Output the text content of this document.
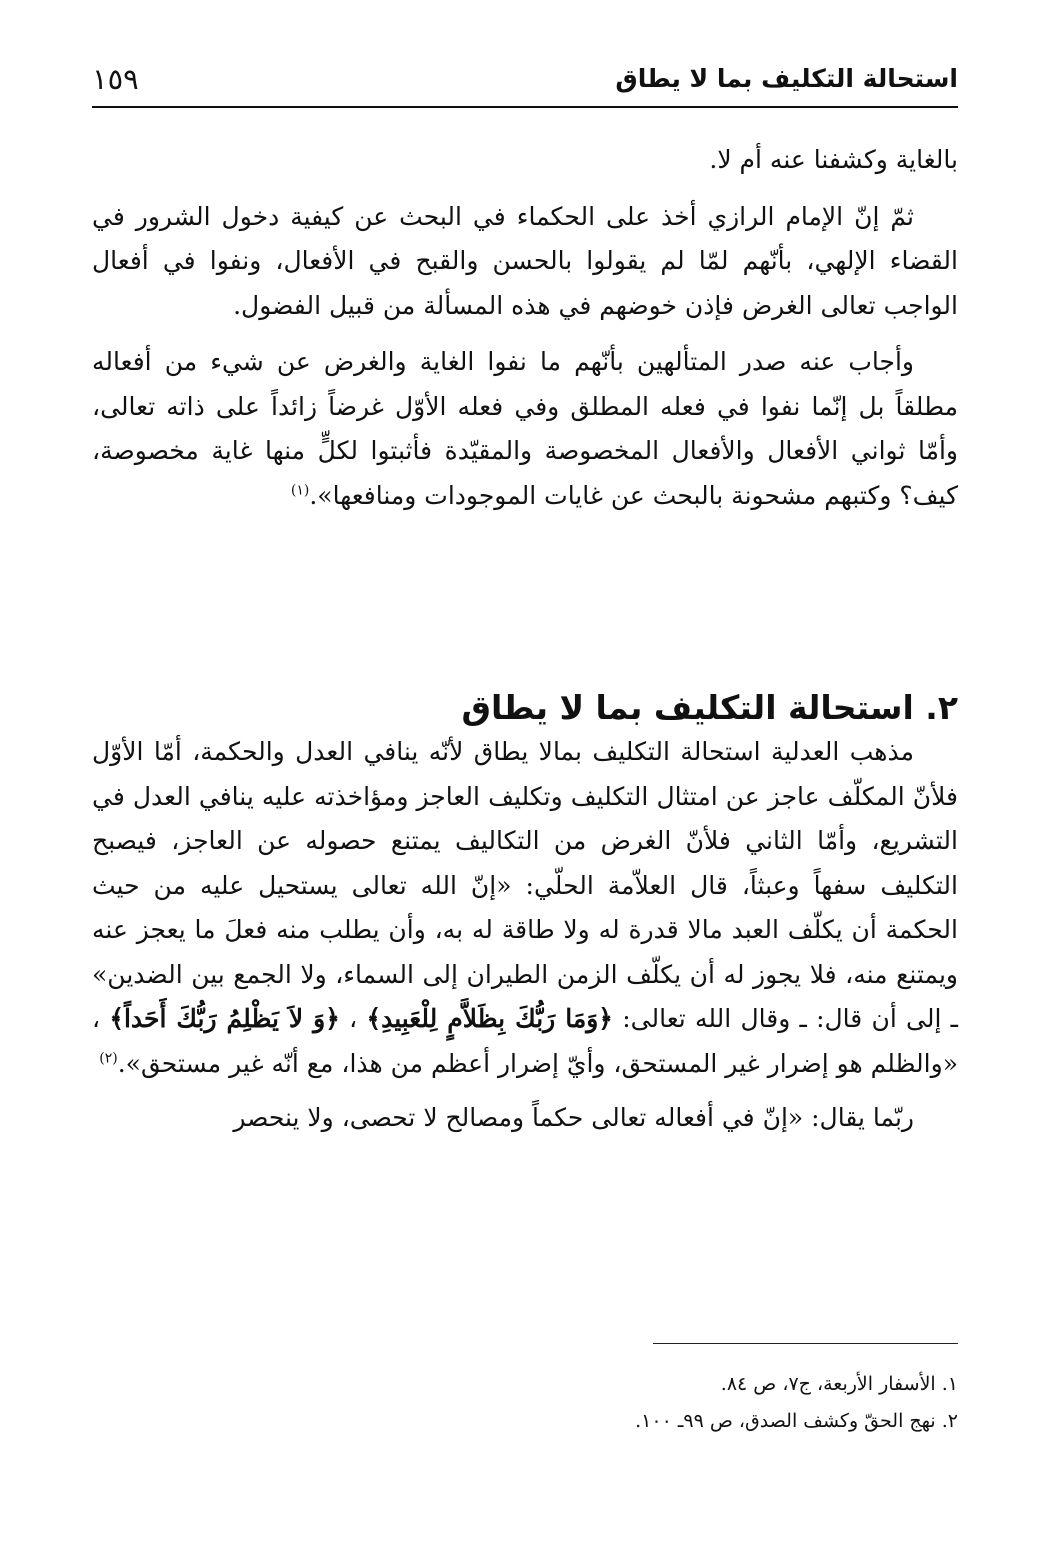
استحالة التكليف بما لا يطاق
١٥٩

بالغاية وكشفنا عنه أم لا.

ثمّ إنّ الإمام الرازي أخذ على الحكماء في البحث عن كيفية دخول الشرور في القضاء الإلهي، بأنّهم لمّا لم يقولوا بالحسن والقبح في الأفعال، ونفوا في أفعال الواجب تعالى الغرض فإذن خوضهم في هذه المسألة من قبيل الفضول.

وأجاب عنه صدر المتألهين بأنّهم ما نفوا الغاية والغرض عن شيء من أفعاله مطلقاً بل إنّما نفوا في فعله المطلق وفي فعله الأوّل غرضاً زائداً على ذاته تعالى، وأمّا ثواني الأفعال والأفعال المخصوصة والمقيّدة فأثبتوا لكلٍّ منها غاية مخصوصة، كيف؟ وكتبهم مشحونة بالبحث عن غايات الموجودات ومنافعها».$^{(١)}$

٢. استحالة التكليف بما لا يطاق

مذهب العدلية استحالة التكليف بمالا يطاق لأنّه ينافي العدل والحكمة، أمّا الأوّل فلأنّ المكلّف عاجز عن امتثال التكليف وتكليف العاجز ومؤاخذته عليه ينافي العدل في التشريع، وأمّا الثاني فلأنّ الغرض من التكاليف يمتنع حصوله عن العاجز، فيصبح التكليف سفهاً وعبثاً، قال العلاّمة الحلّي: «إنّ الله تعالى يستحيل عليه من حيث الحكمة أن يكلّف العبد مالا قدرة له ولا طاقة له به، وأن يطلب منه فعلَ ما يعجز عنه ويمتنع منه، فلا يجوز له أن يكلّف الزمن الطيران إلى السماء، ولا الجمع بين الضدين» ـ إلى أن قال: ـ وقال الله تعالى: ﴿وَمَا رَبُّكَ بِظَلاَّمٍ لِلْعَبِيدِ﴾ ، ﴿وَ لاَ يَظْلِمُ رَبُّكَ أَحَداً﴾ ، «والظلم هو إضرار غير المستحق، وأيّ إضرار أعظم من هذا، مع أنّه غير مستحق».$^{(٢)}$

ربّما يقال: «إنّ في أفعاله تعالى حكماً ومصالح لا تحصى، ولا ينحصر

١. الأسفار الأربعة، ج٧، ص ٨٤.

٢. نهج الحقّ وكشف الصدق، ص ٩٩ـ ١٠٠.
